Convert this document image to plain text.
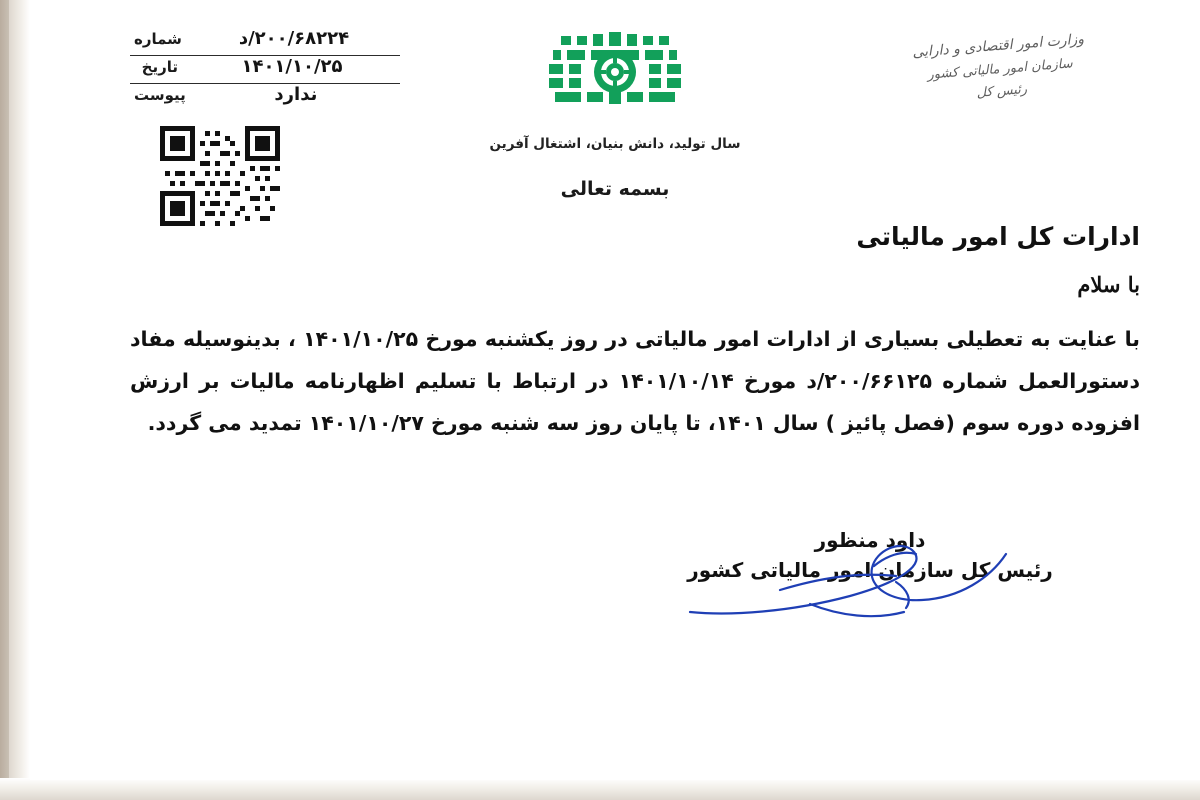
۲۰۰/۶۸۲۲۴/د
شماره
۱۴۰۱/۱۰/۲۵
تاریخ
ندارد
پیوست
سال تولید، دانش بنیان، اشتغال آفرین
بسمه تعالی
وزارت امور اقتصادی و دارایی
سازمان امور مالیاتی کشور
رئیس کل
ادارات کل امور مالیاتی
با سلام
با عنایت به تعطیلی بسیاری از ادارات امور مالیاتی در روز یکشنبه مورخ ۱۴۰۱/۱۰/۲۵ ، بدینوسیله مفاد دستورالعمل شماره ۲۰۰/۶۶۱۲۵/د مورخ ۱۴۰۱/۱۰/۱۴ در ارتباط با تسلیم اظهارنامه مالیات بر ارزش افزوده دوره سوم (فصل پائیز ) سال ۱۴۰۱، تا پایان روز سه شنبه مورخ ۱۴۰۱/۱۰/۲۷ تمدید می گردد.
داود منظور
رئیس کل سازمان امور مالیاتی کشور
